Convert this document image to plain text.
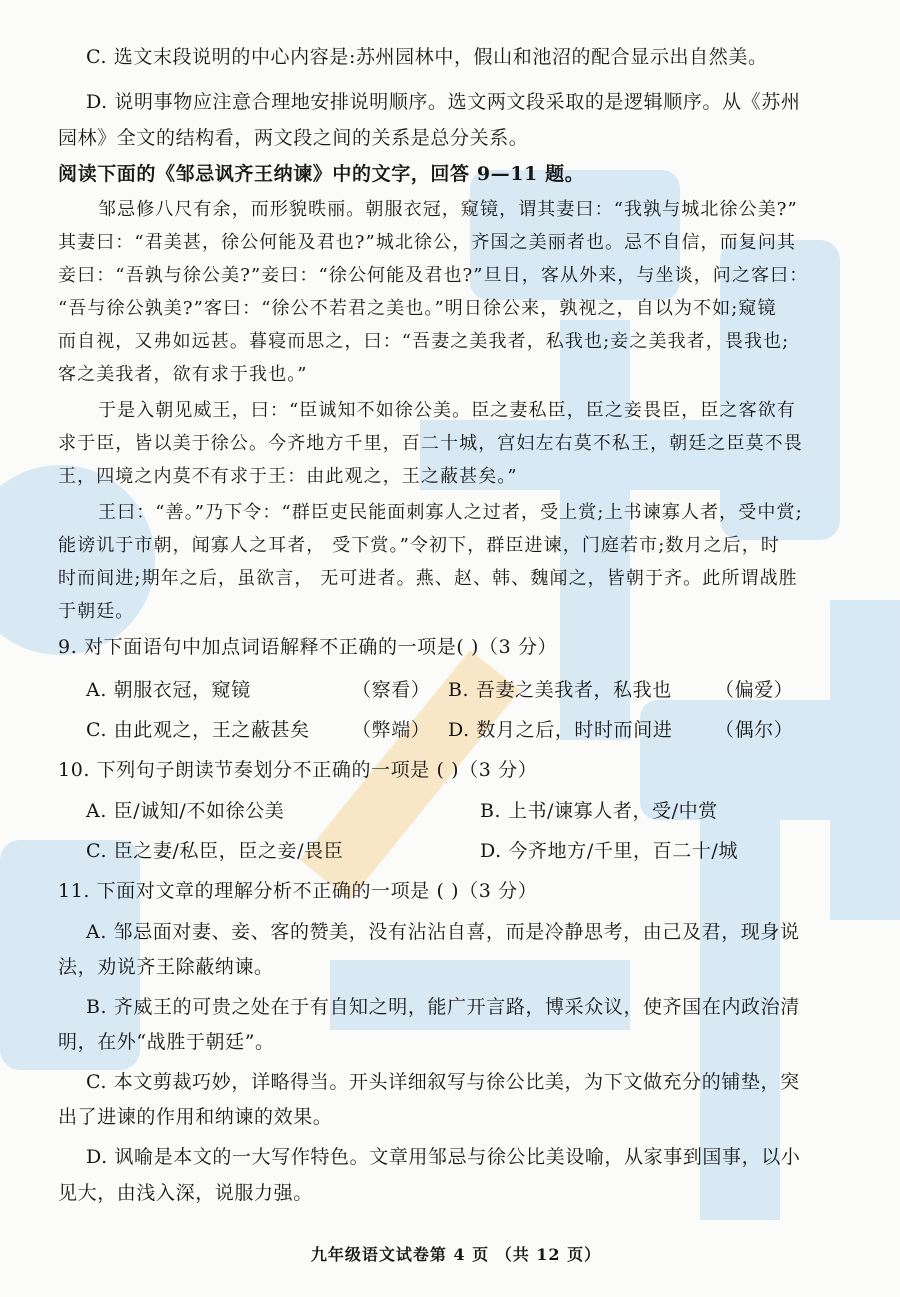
C. 选文末段说明的中心内容是:苏州园林中，假山和池沼的配合显示出自然美。

D. 说明事物应注意合理地安排说明顺序。选文两文段采取的是逻辑顺序。从《苏州

园林》全文的结构看，两文段之间的关系是总分关系。

阅读下面的《邹忌讽齐王纳谏》中的文字，回答 9—11 题。

邹忌修八尺有余，而形貌昳丽。朝服衣冠，窥镜，谓其妻曰：“我孰与城北徐公美?”

其妻曰：“君美甚，徐公何能及君也?”城北徐公，齐国之美丽者也。忌不自信，而复问其

妾曰：“吾孰与徐公美?”妾曰：“徐公何能及君也?”旦日，客从外来，与坐谈，问之客曰：

“吾与徐公孰美?”客曰：“徐公不若君之美也。”明日徐公来，孰视之，自以为不如;窥镜

而自视，又弗如远甚。暮寝而思之，曰：“吾妻之美我者，私我也;妾之美我者，畏我也;

客之美我者，欲有求于我也。”

于是入朝见威王，曰：“臣诚知不如徐公美。臣之妻私臣，臣之妾畏臣，臣之客欲有

求于臣，皆以美于徐公。今齐地方千里，百二十城，宫妇左右莫不私王，朝廷之臣莫不畏

王，四境之内莫不有求于王：由此观之，王之蔽甚矣。”

王曰：“善。”乃下令：“群臣吏民能面刺寡人之过者，受上赏;上书谏寡人者，受中赏;

能谤讥于市朝，闻寡人之耳者， 受下赏。”令初下，群臣进谏，门庭若市;数月之后，时

时而间进;期年之后，虽欲言， 无可进者。燕、赵、韩、魏闻之，皆朝于齐。此所谓战胜

于朝廷。

9. 对下面语句中加点词语解释不正确的一项是( )（3 分）

A. 朝服衣冠，窥镜	（察看） B. 吾妻之美我者，私我也 （偏爱）
C. 由此观之，王之蔽甚矣 （弊端） D. 数月之后，时时而间进 （偶尔）

10. 下列句子朗读节奏划分不正确的一项是 ( )（3 分）

A. 臣/诚知/不如徐公美	B. 上书/谏寡人者，受/中赏
C. 臣之妻/私臣，臣之妾/畏臣	D. 今齐地方/千里，百二十/城

11. 下面对文章的理解分析不正确的一项是 ( )（3 分）

A. 邹忌面对妻、妾、客的赞美，没有沾沾自喜，而是冷静思考，由己及君，现身说

法，劝说齐王除蔽纳谏。

B. 齐威王的可贵之处在于有自知之明，能广开言路，博采众议，使齐国在内政治清

明，在外“战胜于朝廷”。

C. 本文剪裁巧妙，详略得当。开头详细叙写与徐公比美，为下文做充分的铺垫，突

出了进谏的作用和纳谏的效果。

D. 讽喻是本文的一大写作特色。文章用邹忌与徐公比美设喻，从家事到国事，以小

见大，由浅入深，说服力强。

九年级语文试卷第 4 页 （共 12 页）
